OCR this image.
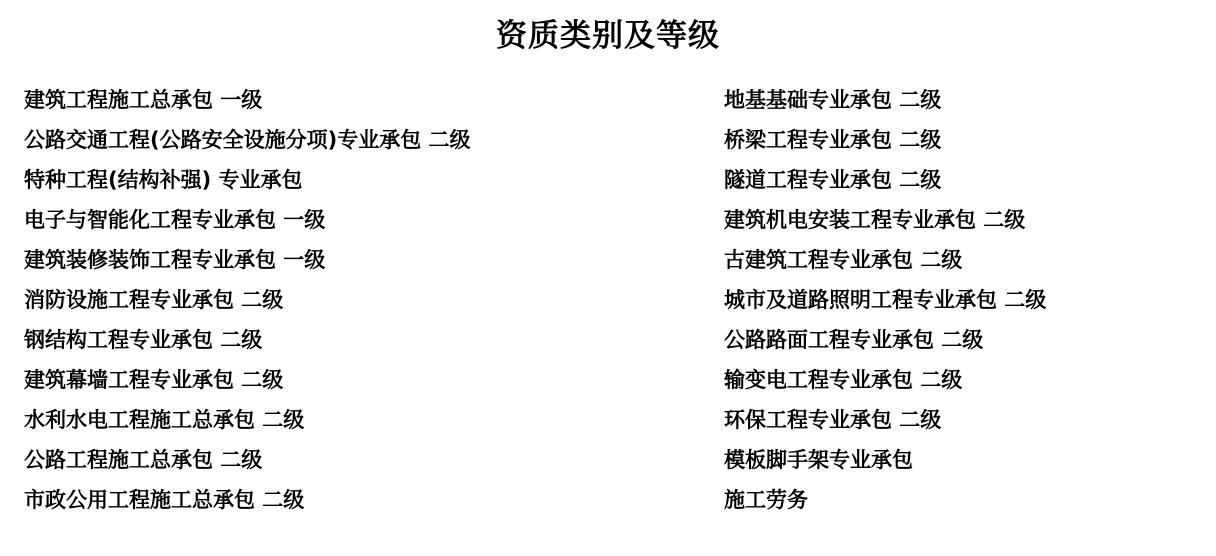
资质类别及等级
建筑工程施工总承包 一级
公路交通工程(公路安全设施分项)专业承包 二级
特种工程(结构补强) 专业承包
电子与智能化工程专业承包 一级
建筑装修装饰工程专业承包 一级
消防设施工程专业承包 二级
钢结构工程专业承包 二级
建筑幕墙工程专业承包 二级
水利水电工程施工总承包 二级
公路工程施工总承包 二级
市政公用工程施工总承包 二级
地基基础专业承包 二级
桥梁工程专业承包 二级
隧道工程专业承包 二级
建筑机电安装工程专业承包 二级
古建筑工程专业承包 二级
城市及道路照明工程专业承包 二级
公路路面工程专业承包 二级
输变电工程专业承包 二级
环保工程专业承包 二级
模板脚手架专业承包
施工劳务
